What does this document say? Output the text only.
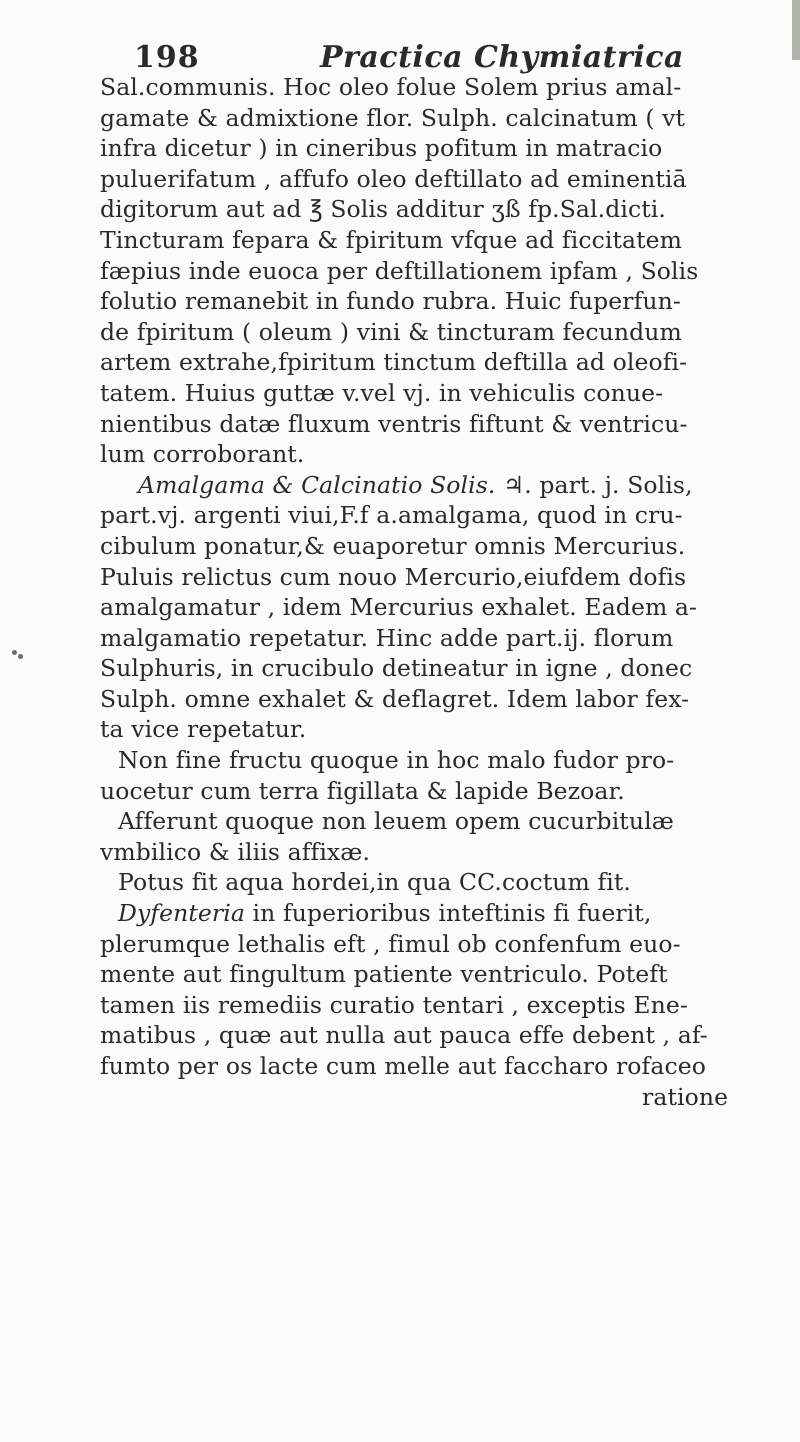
198	Practica Chymiatrica
Sal.communis. Hoc oleo folue Solem prius amal-
gamate & admixtione flor. Sulph. calcinatum ( vt
infra dicetur ) in cineribus pofitum in matracio
puluerifatum , affufo oleo deftillato ad eminentiā
digitorum aut ad ℥ Solis additur ʒß fp.Sal.dicti.
Tincturam fepara & fpiritum vfque ad ficcitatem
fæpius inde euoca per deftillationem ipfam , Solis
folutio remanebit in fundo rubra. Huic fuperfun-
de fpiritum ( oleum ) vini & tincturam fecundum
artem extrahe,fpiritum tinctum deftilla ad oleofi-
tatem. Huius guttæ v.vel vj. in vehiculis conue-
nientibus datæ fluxum ventris fiftunt & ventricu-
lum corroborant.
Amalgama & Calcinatio Solis. ♃. part. j. Solis,
part.vj. argenti viui,F.f a.amalgama, quod in cru-
cibulum ponatur,& euaporetur omnis Mercurius.
Puluis relictus cum nouo Mercurio,eiufdem dofis
amalgamatur , idem Mercurius exhalet. Eadem a-
malgamatio repetatur. Hinc adde part.ij. florum
Sulphuris, in crucibulo detineatur in igne , donec
Sulph. omne exhalet & deflagret. Idem labor fex-
ta vice repetatur.
Non fine fructu quoque in hoc malo fudor pro-
uocetur cum terra figillata & lapide Bezoar.
Afferunt quoque non leuem opem cucurbitulæ
vmbilico & iliis affixæ.
Potus fit aqua hordei,in qua CC.coctum fit.
Dyfenteria in fuperioribus inteftinis fi fuerit,
plerumque lethalis eft , fimul ob confenfum euo-
mente aut fingultum patiente ventriculo. Poteft
tamen iis remediis curatio tentari , exceptis Ene-
matibus , quæ aut nulla aut pauca effe debent , af-
fumto per os lacte cum melle aut faccharo rofaceo
ratione
